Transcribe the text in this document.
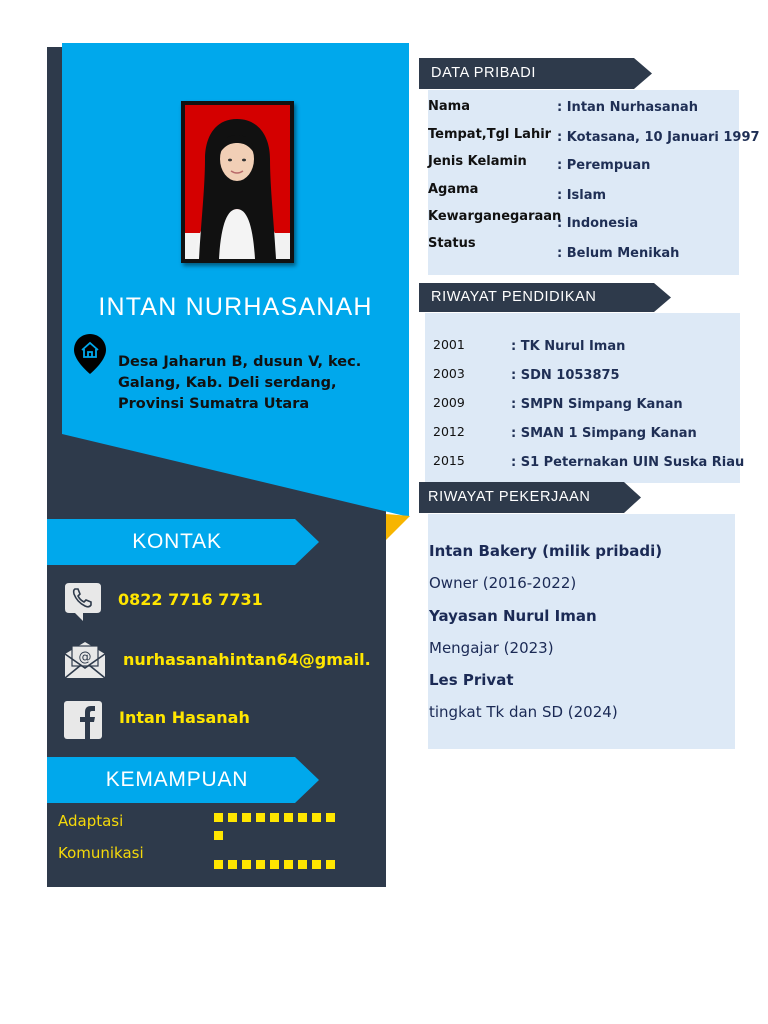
INTAN NURHASANAH
Desa Jaharun B, dusun V, kec. Galang, Kab. Deli serdang, Provinsi Sumatra Utara
KONTAK
0822 7716 7731
@ nurhasanahintan64@gmail.
Intan Hasanah
KEMAMPUAN
Adaptasi
Komunikasi
DATA PRIBADI
Nama
Tempat,Tgl Lahir
Jenis Kelamin
Agama
Kewarganegaraan
Status
: Intan Nurhasanah
: Kotasana, 10 Januari 1997
: Perempuan
: Islam
: Indonesia
: Belum Menikah
RIWAYAT PENDIDIKAN
2001
2003
2009
2012
2015
: TK Nurul Iman
: SDN 1053875
: SMPN Simpang Kanan
: SMAN 1 Simpang Kanan
: S1 Peternakan UIN Suska Riau
RIWAYAT PEKERJAAN
Intan Bakery (milik pribadi)
Owner (2016-2022)
Yayasan Nurul Iman
Mengajar (2023)
Les Privat
tingkat Tk dan SD (2024)
